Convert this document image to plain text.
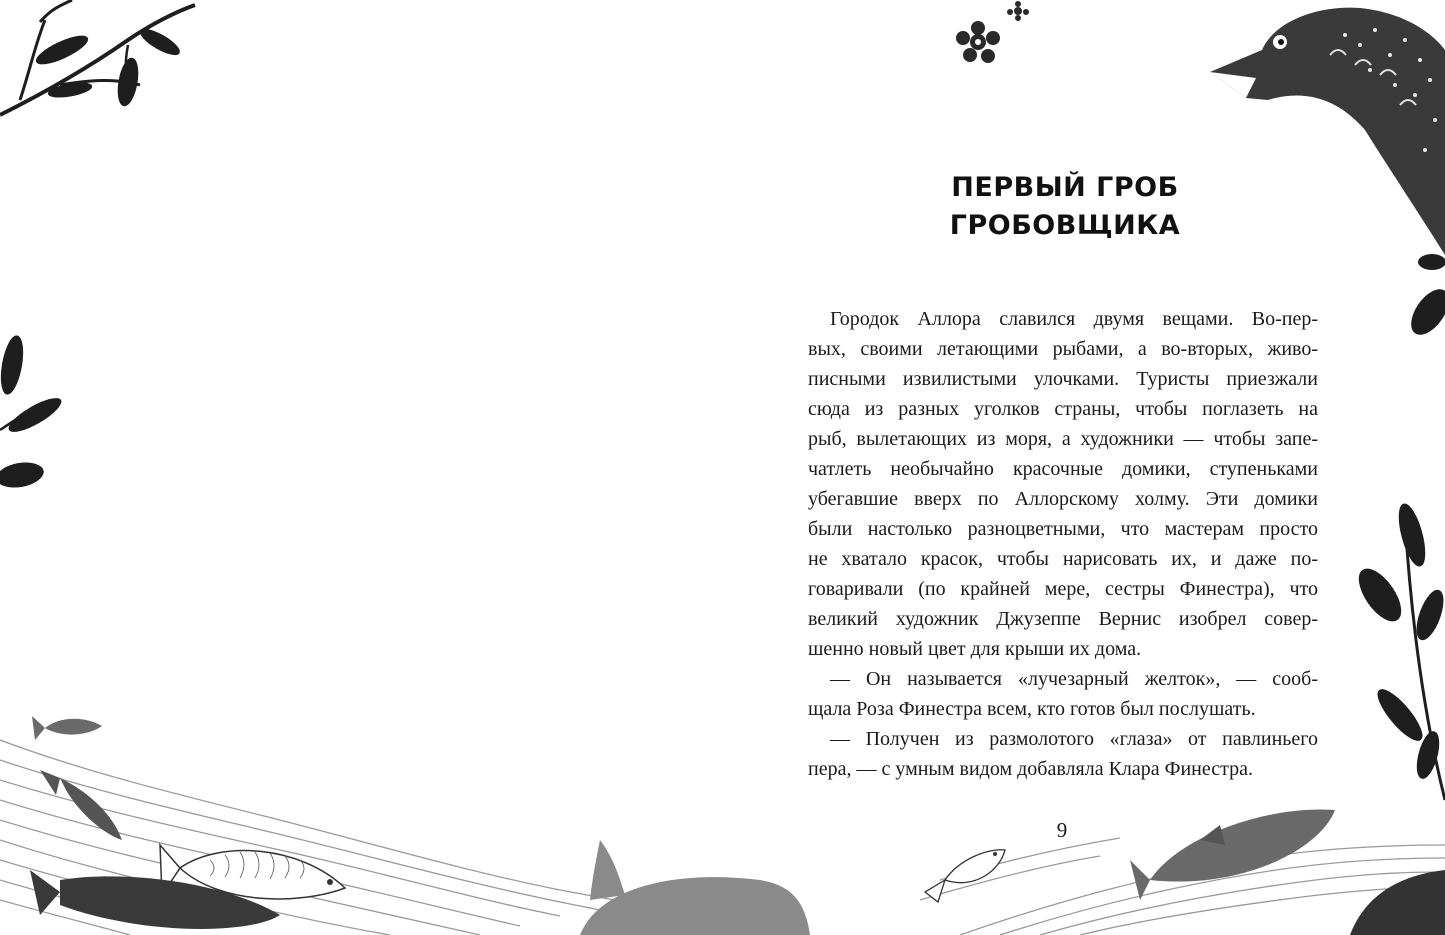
ПЕРВЫЙ ГРОБ
ГРОБОВЩИКА

Городок Аллора славился двумя вещами. Во-пер-

вых, своими летающими рыбами, а во-вторых, живо-

писными извилистыми улочками. Туристы приезжали

сюда из разных уголков страны, чтобы поглазеть на

рыб, вылетающих из моря, а художники — чтобы запе-

чатлеть необычайно красочные домики, ступеньками

убегавшие вверх по Аллорскому холму. Эти домики

были настолько разноцветными, что мастерам просто

не хватало красок, чтобы нарисовать их, и даже по-

говаривали (по крайней мере, сестры Финестра), что

великий художник Джузеппе Вернис изобрел совер-

шенно новый цвет для крыши их дома.

— Он называется «лучезарный желток», — сооб-

щала Роза Финестра всем, кто готов был послушать.

— Получен из размолотого «глаза» от павлиньего

пера, — с умным видом добавляла Клара Финестра.

9
